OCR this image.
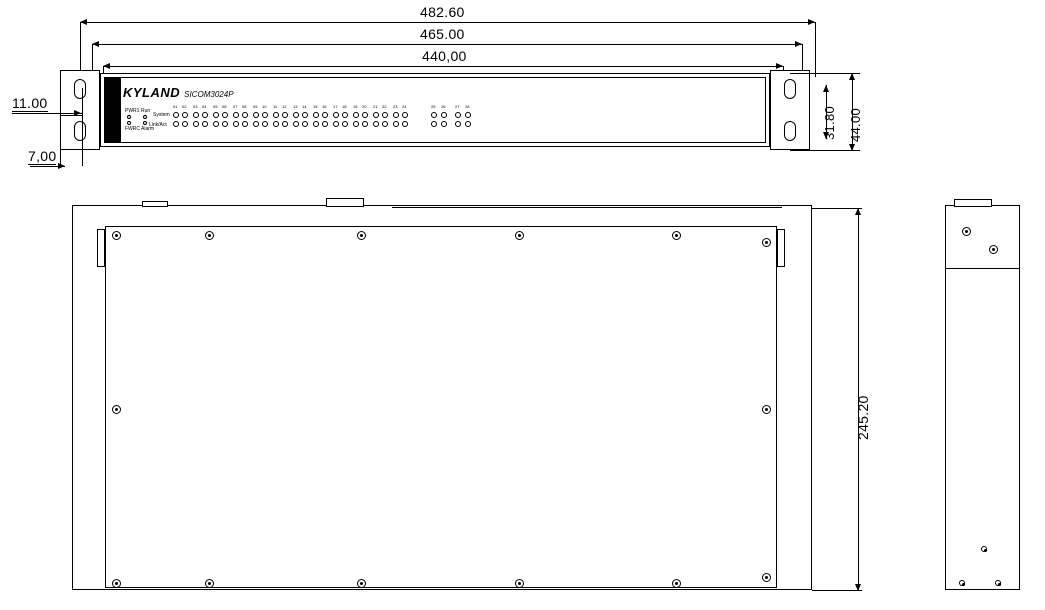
482.60
465.00
440,00
KYLAND SICOM3024P
PWR1
FWRC
Run
Alarm
System
Link/Act
01 02 03 04 05 06 07 08 09 10 11 12 13 14 15 16 17 18 19 20 21 22 23 24	25 26 27 28	31.80 44.00
11.00
7,00
245.20
